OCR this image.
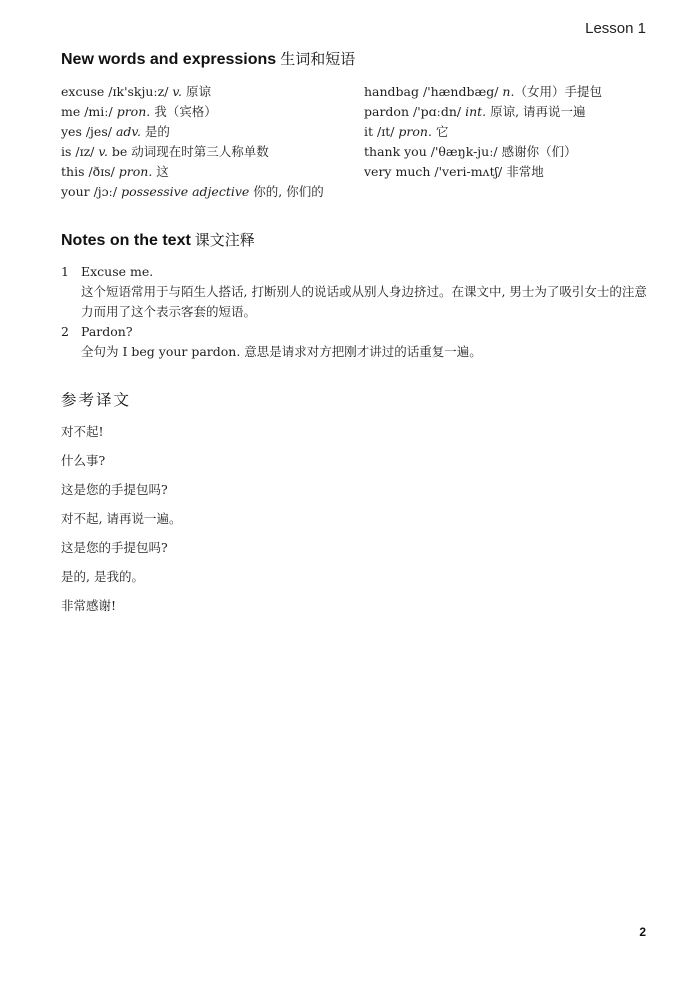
Lesson 1
New words and expressions 生词和短语
excuse /ɪk'skjuːz/ v. 原谅
me /miː/ pron. 我（宾格）
yes /jes/ adv. 是的
is /ɪz/ v. be 动词现在时第三人称单数
this /ðɪs/ pron. 这
your /jɔː/ possessive adjective 你的, 你们的
handbag /'hændbæg/ n.（女用）手提包
pardon /'pɑːdn/ int. 原谅, 请再说一遍
it /ɪt/ pron. 它
thank you /'θæŋk-juː/ 感谢你（们）
very much /'veri-mʌtʃ/ 非常地
Notes on the text 课文注释
1 Excuse me.
这个短语常用于与陌生人搭话, 打断别人的说话或从别人身边挤过。在课文中, 男士为了吸引女士的注意力而用了这个表示客套的短语。
2 Pardon?
全句为 I beg your pardon. 意思是请求对方把刚才讲过的话重复一遍。
参考译文
对不起!
什么事?
这是您的手提包吗?
对不起, 请再说一遍。
这是您的手提包吗?
是的, 是我的。
非常感谢!
2
